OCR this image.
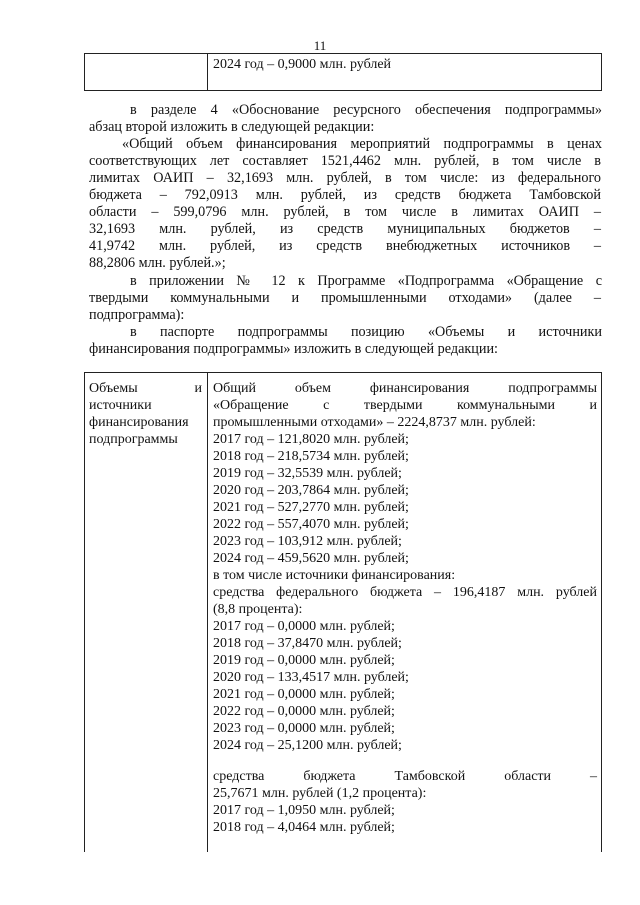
11
2024 год – 0,9000 млн. рублей
в разделе 4 «Обоснование ресурсного обеспечения подпрограммы»
абзац второй изложить в следующей редакции:
«Общий объем финансирования мероприятий подпрограммы в ценах
соответствующих лет составляет 1521,4462 млн. рублей, в том числе в
лимитах ОАИП – 32,1693 млн. рублей, в том числе: из федерального
бюджета – 792,0913 млн. рублей, из средств бюджета Тамбовской
области – 599,0796 млн. рублей, в том числе в лимитах ОАИП –
32,1693 млн. рублей, из средств муниципальных бюджетов –
41,9742 млн. рублей, из средств внебюджетных источников –
88,2806 млн. рублей.»;
в приложении № 12 к Программе «Подпрограмма «Обращение с
твердыми коммунальными и промышленными отходами» (далее –
подпрограмма):
в паспорте подпрограммы позицию «Объемы и источники
финансирования подпрограммы» изложить в следующей редакции:
Объемы и
источники
финансирования
подпрограммы
Общий объем финансирования подпрограммы
«Обращение с твердыми коммунальными и
промышленными отходами» – 2224,8737 млн. рублей:
2017 год – 121,8020 млн. рублей;
2018 год – 218,5734 млн. рублей;
2019 год – 32,5539 млн. рублей;
2020 год – 203,7864 млн. рублей;
2021 год – 527,2770 млн. рублей;
2022 год – 557,4070 млн. рублей;
2023 год – 103,912 млн. рублей;
2024 год – 459,5620 млн. рублей;
в том числе источники финансирования:
средства федерального бюджета – 196,4187 млн. рублей
(8,8 процента):
2017 год – 0,0000 млн. рублей;
2018 год – 37,8470 млн. рублей;
2019 год – 0,0000 млн. рублей;
2020 год – 133,4517 млн. рублей;
2021 год – 0,0000 млн. рублей;
2022 год – 0,0000 млн. рублей;
2023 год – 0,0000 млн. рублей;
2024 год – 25,1200 млн. рублей;
средства бюджета Тамбовской области –
25,7671 млн. рублей (1,2 процента):
2017 год – 1,0950 млн. рублей;
2018 год – 4,0464 млн. рублей;
